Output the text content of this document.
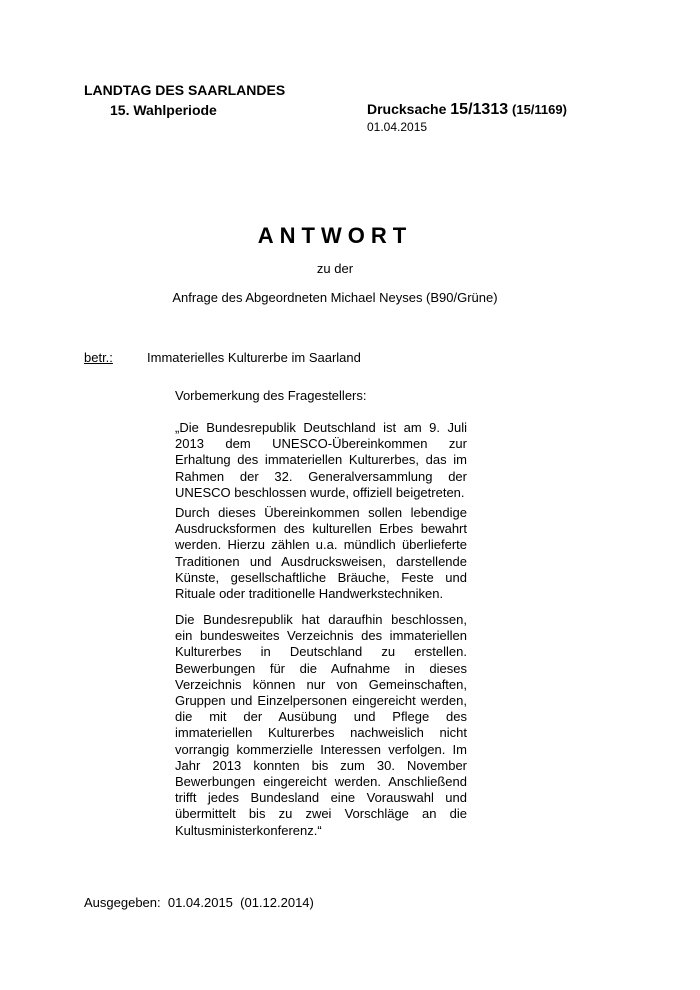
LANDTAG DES SAARLANDES
15. Wahlperiode	Drucksache 15/1313 (15/1169)
01.04.2015
ANTWORT
zu der
Anfrage des Abgeordneten Michael Neyses (B90/Grüne)
betr.:	Immaterielles Kulturerbe im Saarland
Vorbemerkung des Fragestellers:
„Die Bundesrepublik Deutschland ist am 9. Juli 2013 dem UNESCO-Übereinkommen zur Erhaltung des immateriellen Kulturerbes, das im Rahmen der 32. Generalversammlung der UNESCO beschlossen wurde, offiziell beigetreten.
Durch dieses Übereinkommen sollen lebendige Ausdrucksformen des kulturellen Erbes bewahrt werden. Hierzu zählen u.a. mündlich überlieferte Traditionen und Ausdrucksweisen, darstellende Künste, gesellschaftliche Bräuche, Feste und Rituale oder traditionelle Handwerkstechniken.
Die Bundesrepublik hat daraufhin beschlossen, ein bundesweites Verzeichnis des immateriellen Kulturerbes in Deutschland zu erstellen. Bewerbungen für die Aufnahme in dieses Verzeichnis können nur von Gemeinschaften, Gruppen und Einzelpersonen eingereicht werden, die mit der Ausübung und Pflege des immateriellen Kulturerbes nachweislich nicht vorrangig kommerzielle Interessen verfolgen. Im Jahr 2013 konnten bis zum 30. November Bewerbungen eingereicht werden. Anschließend trifft jedes Bundesland eine Vorauswahl und übermittelt bis zu zwei Vorschläge an die Kultusministerkonferenz.“
Ausgegeben:  01.04.2015  (01.12.2014)
